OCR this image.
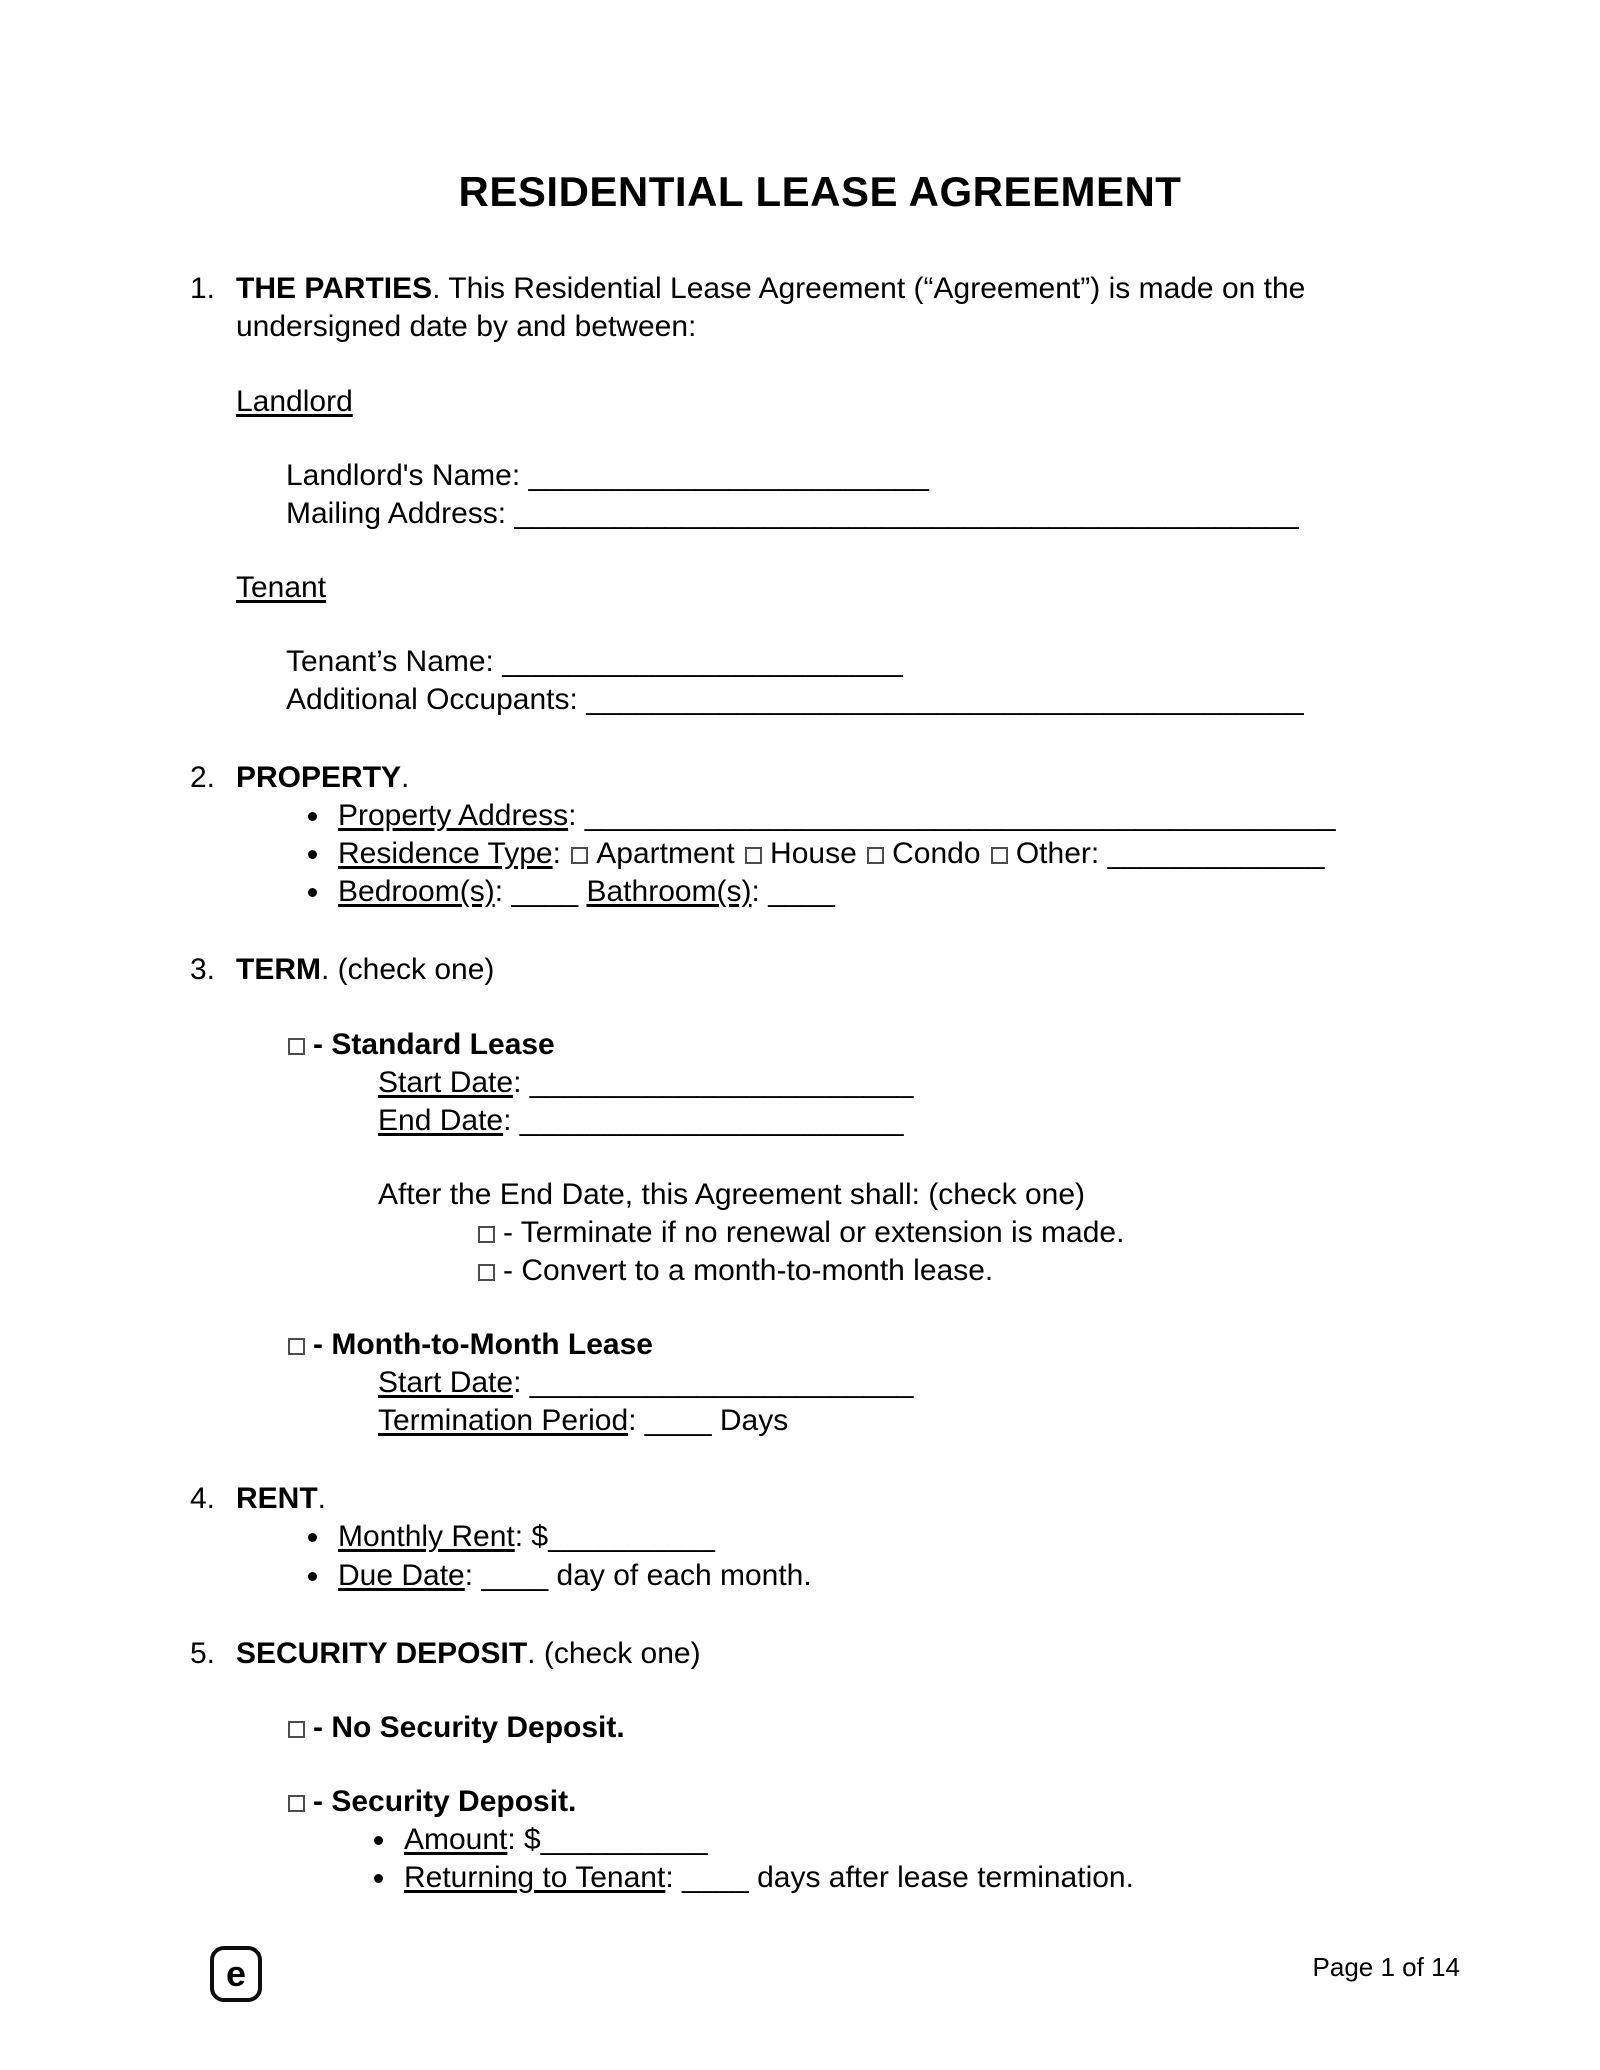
RESIDENTIAL LEASE AGREEMENT
1. THE PARTIES. This Residential Lease Agreement (“Agreement”) is made on the undersigned date by and between:

Landlord

Landlord's Name: ________________________

Mailing Address: _______________________________________________

Tenant

Tenant’s Name: ________________________

Additional Occupants: ___________________________________________

2. PROPERTY.

• Property Address: _____________________________________________
• Residence Type: Apartment House Condo Other: _____________
• Bedroom(s): ____ Bathroom(s): ____
3. TERM. (check one)

- Standard Lease

Start Date: _______________________

End Date: _______________________

After the End Date, this Agreement shall: (check one)

- Terminate if no renewal or extension is made.

- Convert to a month-to-month lease.

- Month-to-Month Lease

Start Date: _______________________

Termination Period: ____ Days

4. RENT.

• Monthly Rent: $__________
• Due Date: ____ day of each month.
5. SECURITY DEPOSIT. (check one)

- No Security Deposit.

- Security Deposit.

• Amount: $__________
• Returning to Tenant: ____ days after lease termination.
e	Page 1 of 14
